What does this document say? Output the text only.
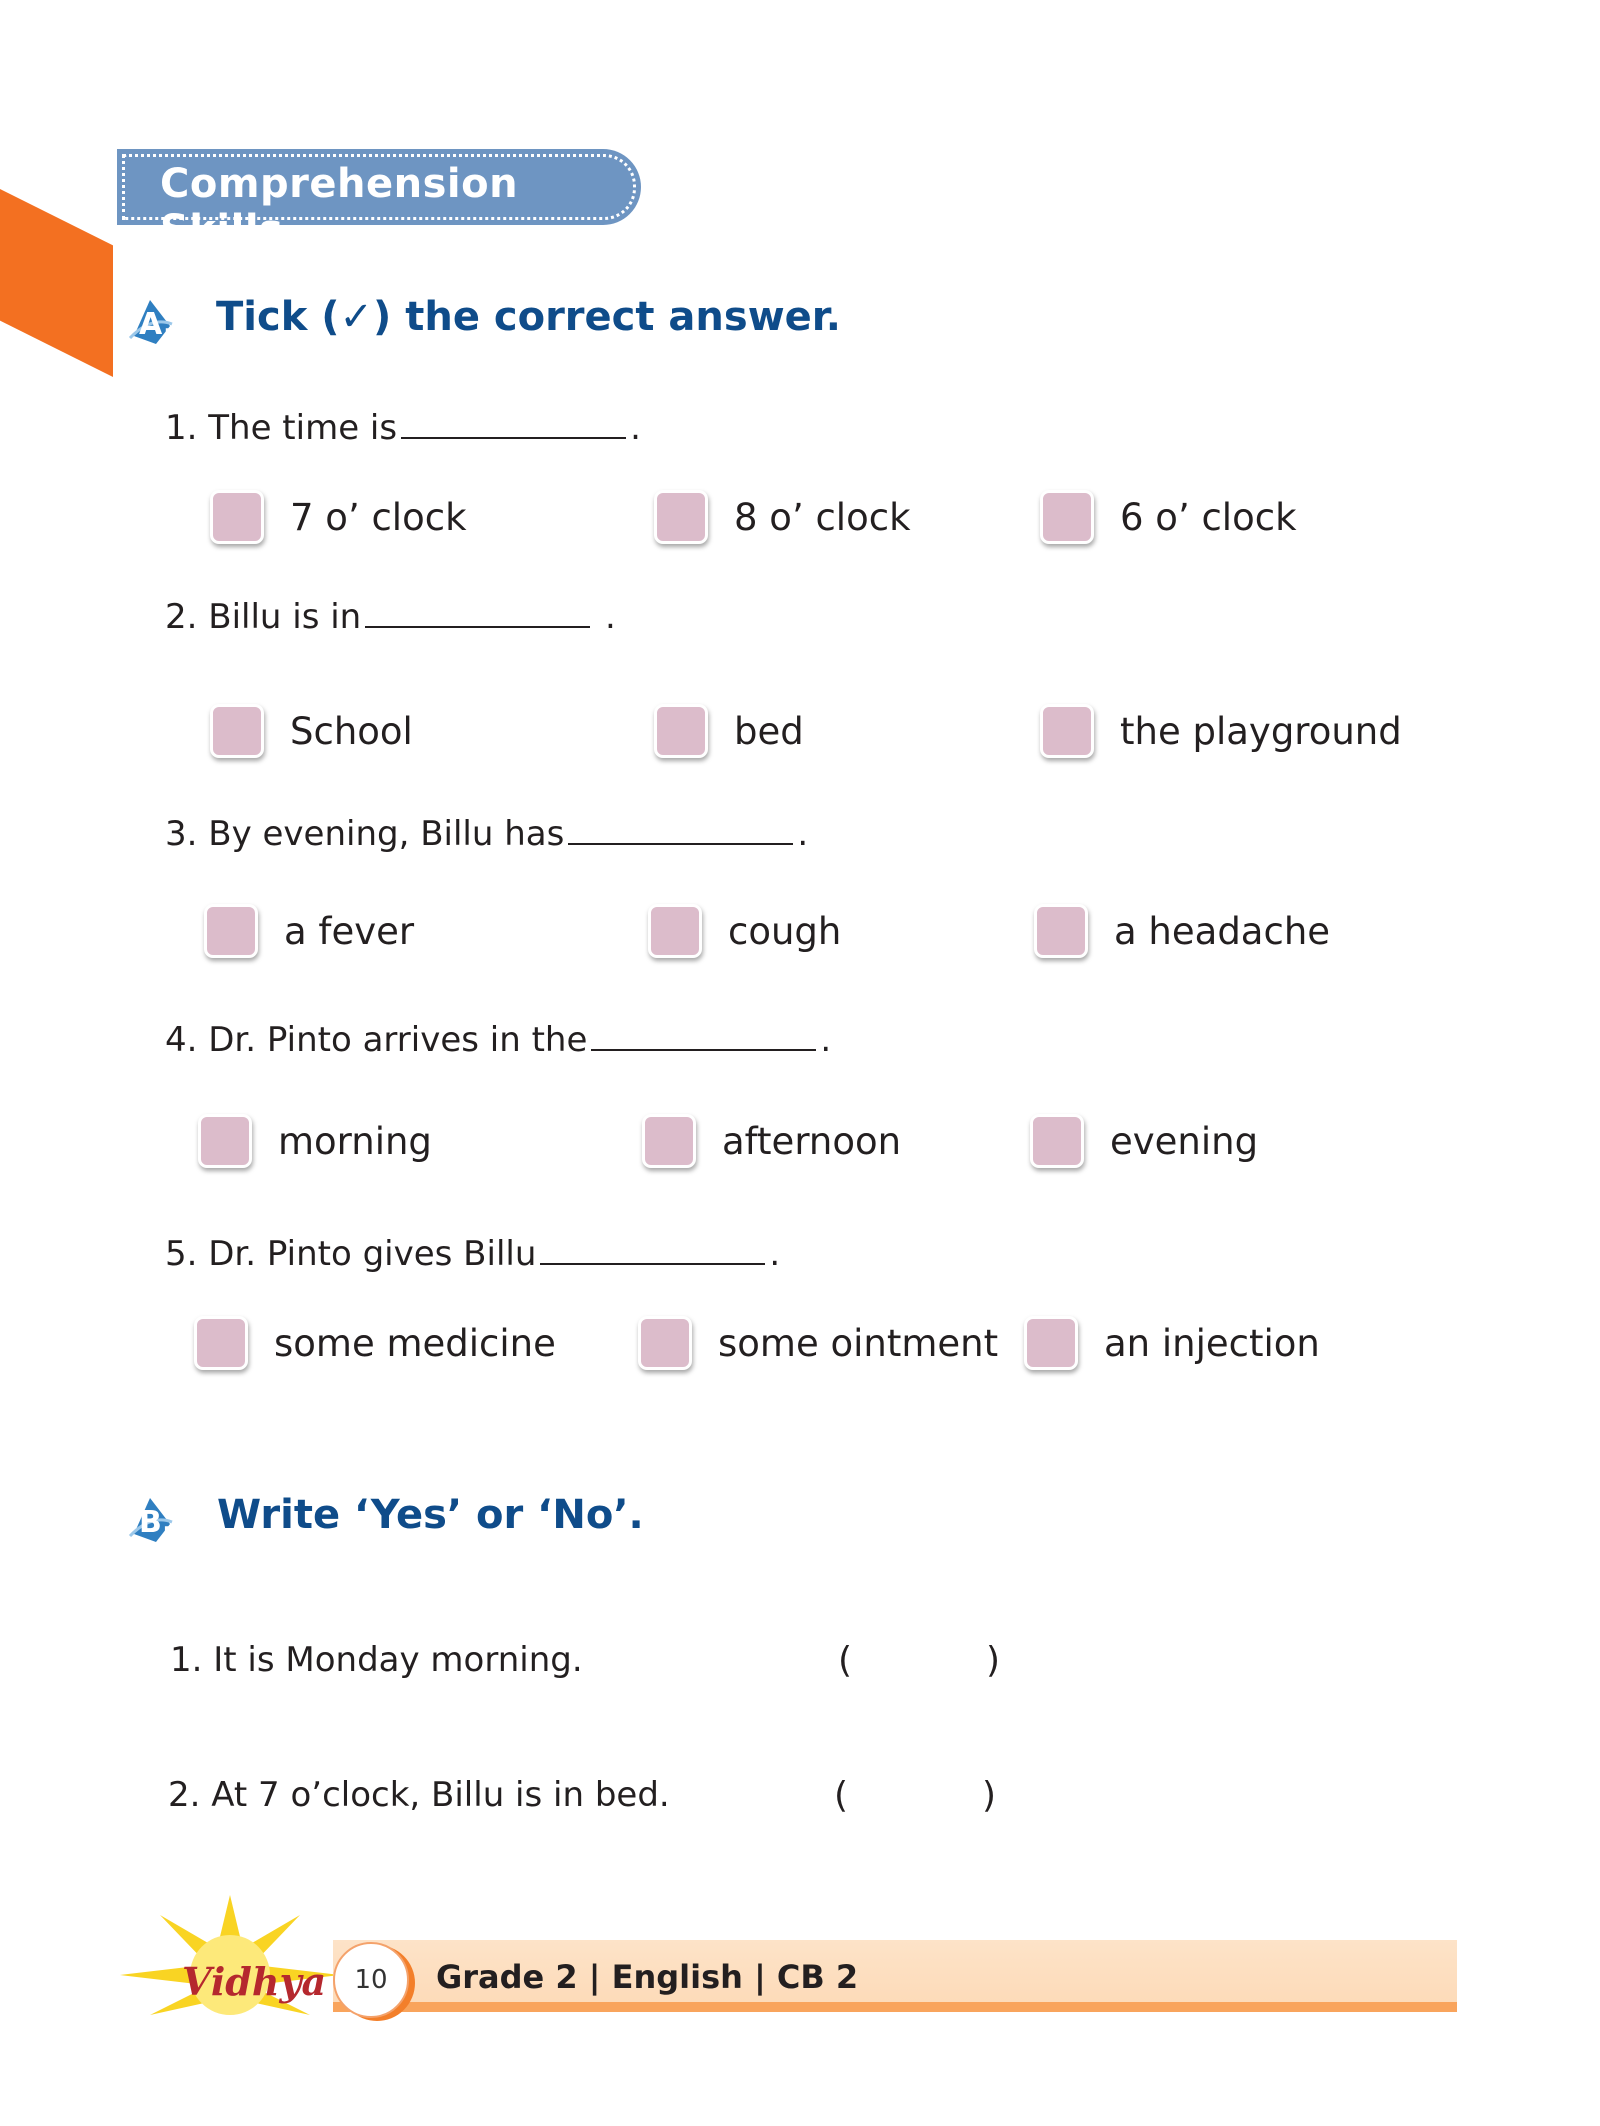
Comprehension Skills
A. Tick (✓) the correct answer.
1. The time is	.
7 o’ clock	8 o’ clock	6 o’ clock
2. Billu is in	.
School	bed	the playground
3. By evening, Billu has	.
a fever	cough	a headache
4. Dr. Pinto arrives in the	.
morning	afternoon	evening
5. Dr. Pinto gives Billu	.
some medicine	some ointment	an injection
B. Write ‘Yes’ or ‘No’.
1. It is Monday morning.	(	)
2. At 7 o’clock, Billu is in bed.	(	)
Vidhya	10	Grade 2 | English | CB 2
